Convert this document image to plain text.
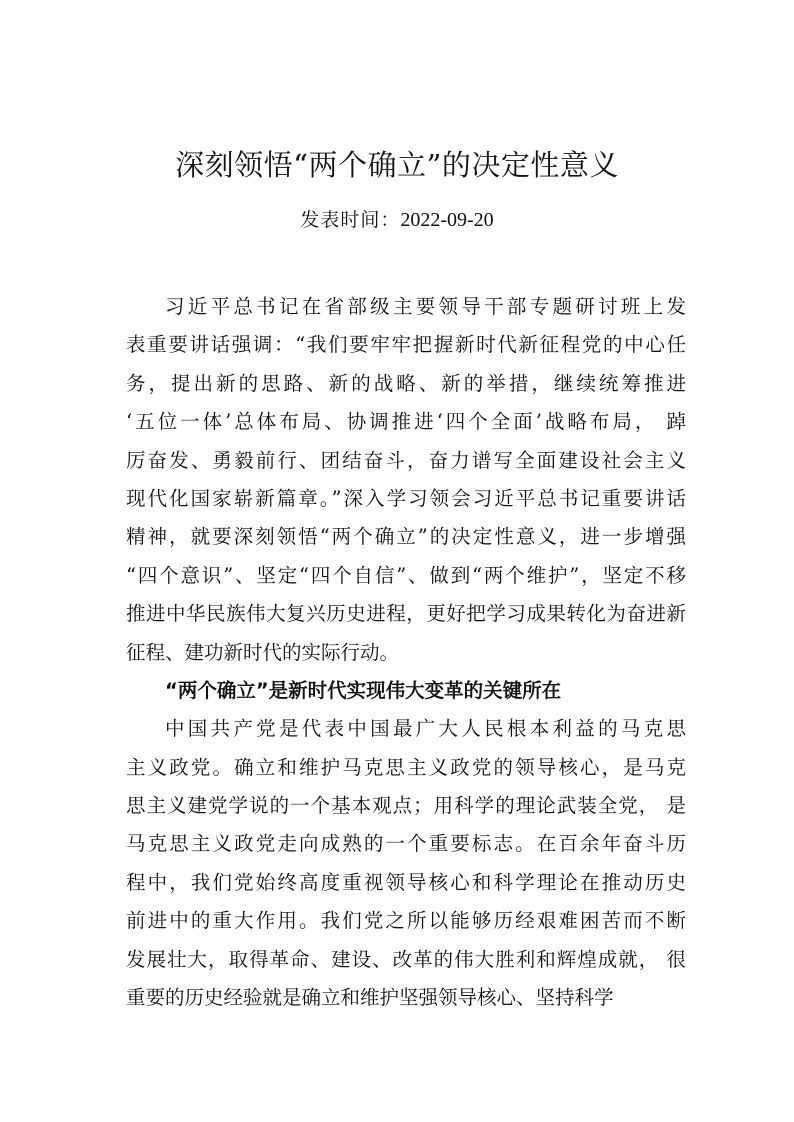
深刻领悟“两个确立”的决定性意义
发表时间：2022-09-20
习近平总书记在省部级主要领导干部专题研讨班上发
表重要讲话强调：“我们要牢牢把握新时代新征程党的中心任
务，提出新的思路、新的战略、新的举措，继续统筹推进
‘五位一体’总体布局、协调推进‘四个全面’战略布局， 踔
厉奋发、勇毅前行、团结奋斗，奋力谱写全面建设社会主义
现代化国家崭新篇章。”深入学习领会习近平总书记重要讲话
精神，就要深刻领悟“两个确立”的决定性意义，进一步增强
“四个意识”、坚定“四个自信”、做到“两个维护”，坚定不移
推进中华民族伟大复兴历史进程，更好把学习成果转化为奋进新
征程、建功新时代的实际行动。
“两个确立”是新时代实现伟大变革的关键所在
中国共产党是代表中国最广大人民根本利益的马克思
主义政党。确立和维护马克思主义政党的领导核心，是马克
思主义建党学说的一个基本观点；用科学的理论武装全党， 是
马克思主义政党走向成熟的一个重要标志。在百余年奋斗历
程中，我们党始终高度重视领导核心和科学理论在推动历史
前进中的重大作用。我们党之所以能够历经艰难困苦而不断
发展壮大，取得革命、建设、改革的伟大胜利和辉煌成就， 很
重要的历史经验就是确立和维护坚强领导核心、坚持科学
